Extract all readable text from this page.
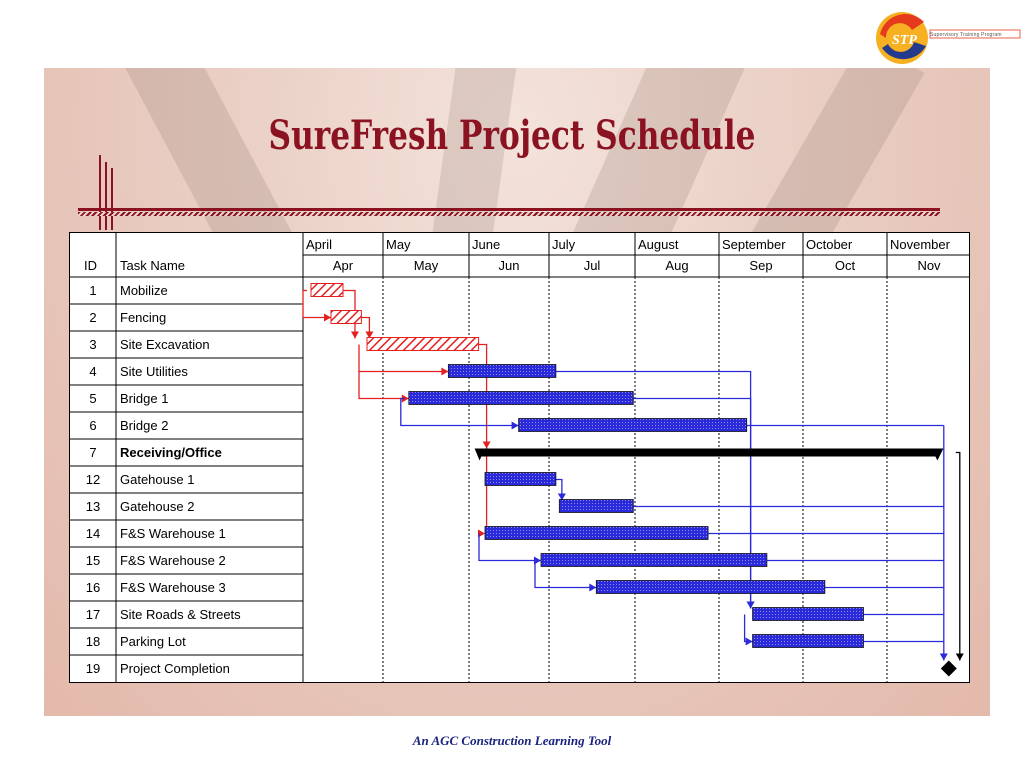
STP	Supervisory Training Program
SureFresh Project Schedule
ID Task Name
April
Apr
May
May
June
Jun
July
Jul
August
Aug
September
Sep
October
Oct
November
Nov
1 Mobilize
2 Fencing
3 Site Excavation
4 Site Utilities
5 Bridge 1
6 Bridge 2
7 Receiving/Office
12 Gatehouse 1
13 Gatehouse 2
14 F&S Warehouse 1
15 F&S Warehouse 2
16 F&S Warehouse 3
17 Site Roads & Streets
18 Parking Lot
19 Project Completion
An AGC Construction Learning Tool
